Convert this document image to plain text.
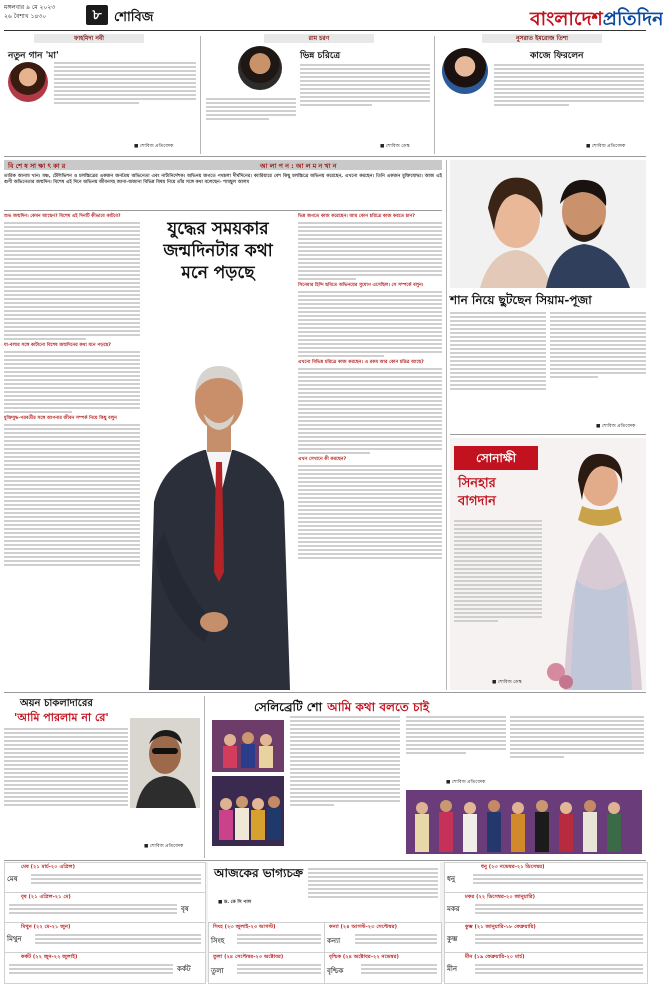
মঙ্গলবার ৯ মে ২০২৩
২৬ বৈশাখ ১৪৩০	৮ শোবিজ	বাংলাদেশপ্রতিদিন
ফাহমিদা নবী
নতুন গান 'মা'
■ শোবিজ প্রতিবেদক
রাম চরণ
ভিন্ন চরিত্রে
■ শোবিজ ডেস্ক
নুসরাত ইমরোজ তিশা
কাজে ফিরলেন
■ শোবিজ প্রতিবেদক
বি শে ষ সা ক্ষা ৎ কা র	আ লা প ন : আ ল ম ন খা ন
তারিক আনাম খান। মঞ্চ, টেলিভিশন ও চলচ্চিত্রের একজন জনপ্রিয় অভিনেতা এবং নাট্যনির্দেশক। অভিনয় জগতে পথচলা দীর্ঘদিনের। ক্যারিয়ারে বেশ কিছু চলচ্চিত্রে অভিনয় করেছেন, এখনো করছেন। তিনি একজন মুক্তিযোদ্ধা। আজ এই গুণী অভিনেতার জন্মদিন। বিশেষ এই দিনে অভিনয় জীবনসহ জানা-অজানা বিভিন্ন বিষয় নিয়ে তাঁর সঙ্গে কথা বলেছেন- শামছুল আলম
শুভ জন্মদিন। কেমন আছেন? বিশেষ এই দিনটি কীভাবে কাটবে?
যা-বলার সঙ্গে কাটানো বিশেষ জন্মদিনের কথা মনে পড়ছে?
মুক্তিযুদ্ধ-পরবর্তীর সঙ্গে আপনার জীবন সম্পর্ক নিয়ে কিছু বলুন
যুদ্ধের সময়কার জন্মদিনটার কথা মনে পড়ছে
ভিন্ন জগতে কাজ করেছেন। আর কোন চরিত্রে কাজ করতে চান?
সিনেমার হিন্দি ছবিতে অভিনয়ের সুযোগ এসেছিল। সে সম্পর্কে বলুন।
এখনো বিভিন্ন চরিত্রে কাজ করছেন। এ রকম আর কোন চরিত্র আছে?
এখন সেখানে কী করছেন?
শান নিয়ে ছুটছেন সিয়াম-পূজা
■ শোবিজ প্রতিবেদক
সোনাক্ষী
সিনহার
বাগদান
■ শোবিজ ডেস্ক
অয়ন চাকলাদারের
'আমি পারলাম না রে'
■ শোবিজ প্রতিবেদক
সেলিব্রেটি শো আমি কথা বলতে চাই
■ শোবিজ প্রতিবেদক
মেষ (২১ মার্চ-২০ এপ্রিল)
মেষ
বৃষ (২১ এপ্রিল-২১ মে)
বৃষ
মিথুন (২২ মে-২১ জুন)
মিথুন
কর্কট (২২ জুন-২২ জুলাই)
কর্কট
আজকের ভাগ্যচক্র
■ ড. কে সি পাল
সিংহ (২৩ জুলাই-২৩ আগস্ট)
সিংহ
কন্যা (২৪ আগস্ট-২৩ সেপ্টেম্বর)
কন্যা
তুলা (২৪ সেপ্টেম্বর-২৩ অক্টোবর)
তুলা
বৃশ্চিক (২৪ অক্টোবর-২২ নভেম্বর)
বৃশ্চিক
ধনু (২৩ নভেম্বর-২১ ডিসেম্বর)
ধনু
মকর (২২ ডিসেম্বর-২০ জানুয়ারি)
মকর
কুম্ভ (২১ জানুয়ারি-১৮ ফেব্রুয়ারি)
কুম্ভ
মীন (১৯ ফেব্রুয়ারি-২০ মার্চ)
মীন
